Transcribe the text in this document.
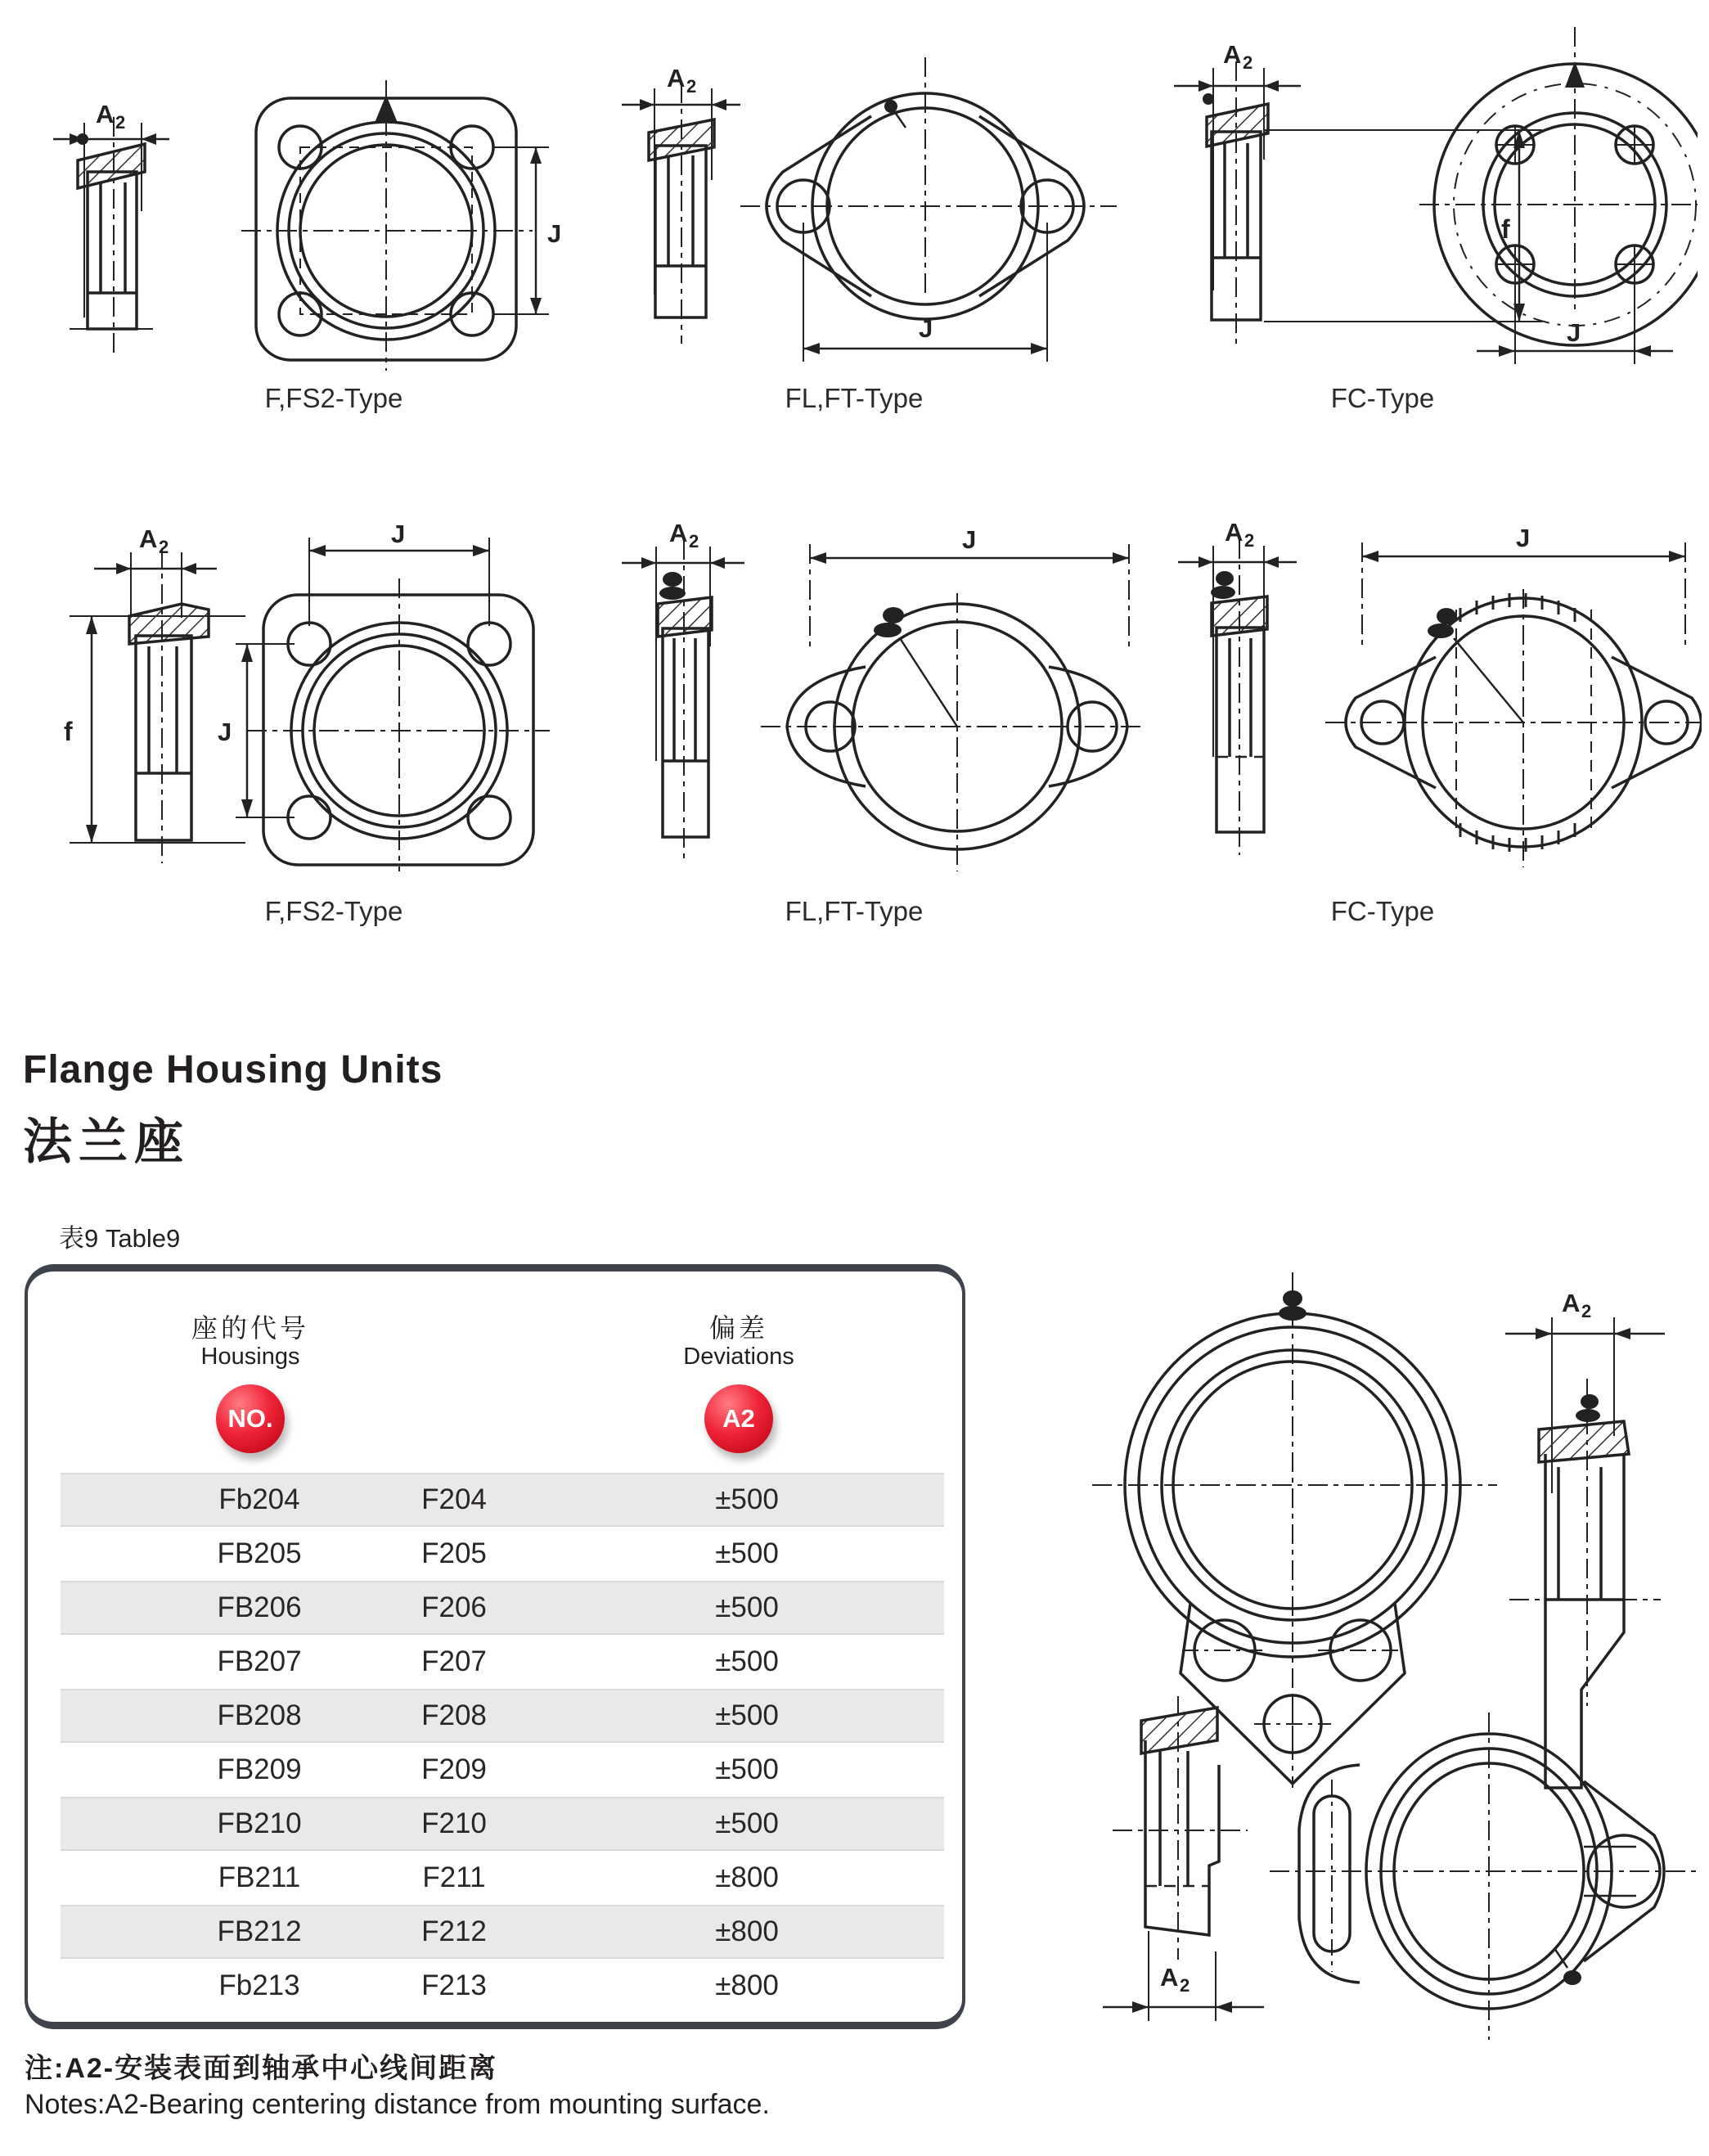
A 2
J
A 2
J
A 2
f
J
F,FS2-Type	FL,FT-Type	FC-Type
A 2
f
J
J
A 2	J	A 2	J
F,FS2-Type	FL,FT-Type	FC-Type
Flange Housing Units
法兰座
表9 Table9
座的代号
Housings
偏差
Deviations
NO.	A2
Fb204	F204	±500
FB205	F205	±500
FB206	F206	±500
FB207	F207	±500
FB208	F208	±500
FB209	F209	±500
FB210	F210	±500
FB211	F211	±800
FB212	F212	±800
Fb213	F213	±800
A 2
A 2
注:A2-安装表面到轴承中心线间距离
Notes:A2-Bearing centering distance from mounting surface.
